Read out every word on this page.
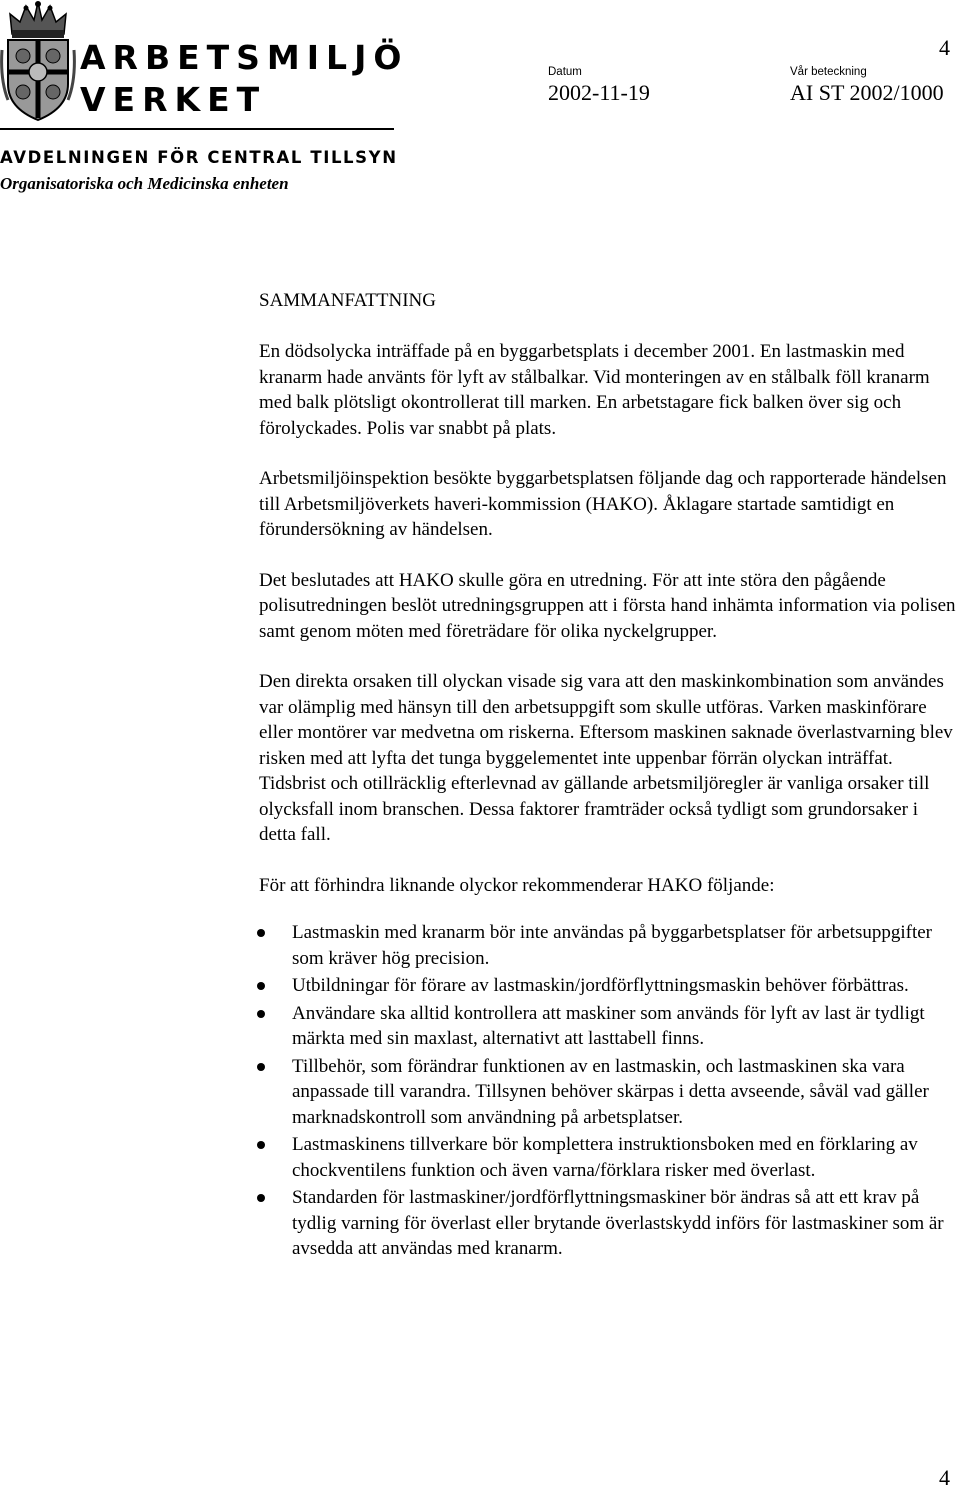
ARBETSMILJÖ
VERKET
AVDELNINGEN FÖR CENTRAL TILLSYN
Organisatoriska och Medicinska enheten
4
Datum
2002-11-19
Vår beteckning
AI ST 2002/1000
SAMMANFATTNING

En dödsolycka inträffade på en byggarbetsplats i december 2001. En lastmaskin med kranarm hade använts för lyft av stålbalkar. Vid monteringen av en stålbalk föll kranarm med balk plötsligt okontrollerat till marken. En arbetstagare fick balken över sig och förolyckades. Polis var snabbt på plats.

Arbetsmiljöinspektion besökte byggarbetsplatsen följande dag och rapporterade händelsen till Arbetsmiljöverkets haveri-kommission (HAKO). Åklagare startade samtidigt en förundersökning av händelsen.

Det beslutades att HAKO skulle göra en utredning. För att inte störa den pågående polisutredningen beslöt utredningsgruppen att i första hand inhämta information via polisen samt genom möten med företrädare för olika nyckelgrupper.

Den direkta orsaken till olyckan visade sig vara att den maskinkombination som användes var olämplig med hänsyn till den arbetsuppgift som skulle utföras. Varken maskinförare eller montörer var medvetna om riskerna. Eftersom maskinen saknade överlastvarning blev risken med att lyfta det tunga byggelementet inte uppenbar förrän olyckan inträffat. Tidsbrist och otillräcklig efterlevnad av gällande arbetsmiljöregler är vanliga orsaker till olycksfall inom branschen. Dessa faktorer framträder också tydligt som grundorsaker i detta fall.

För att förhindra liknande olyckor rekommenderar HAKO följande:

Lastmaskin med kranarm bör inte användas på byggarbetsplatser för arbetsuppgifter som kräver hög precision.
Utbildningar för förare av lastmaskin/jordförflyttningsmaskin behöver förbättras.
Användare ska alltid kontrollera att maskiner som används för lyft av last är tydligt märkta med sin maxlast, alternativt att lasttabell finns.
Tillbehör, som förändrar funktionen av en lastmaskin, och lastmaskinen ska vara anpassade till varandra. Tillsynen behöver skärpas i detta avseende, såväl vad gäller marknadskontroll som användning på arbetsplatser.
Lastmaskinens tillverkare bör komplettera instruktionsboken med en förklaring av chockventilens funktion och även varna/förklara risker med överlast.
Standarden för lastmaskiner/jordförflyttningsmaskiner bör ändras så att ett krav på tydlig varning för överlast eller brytande överlastskydd införs för lastmaskiner som är avsedda att användas med kranarm.
4
